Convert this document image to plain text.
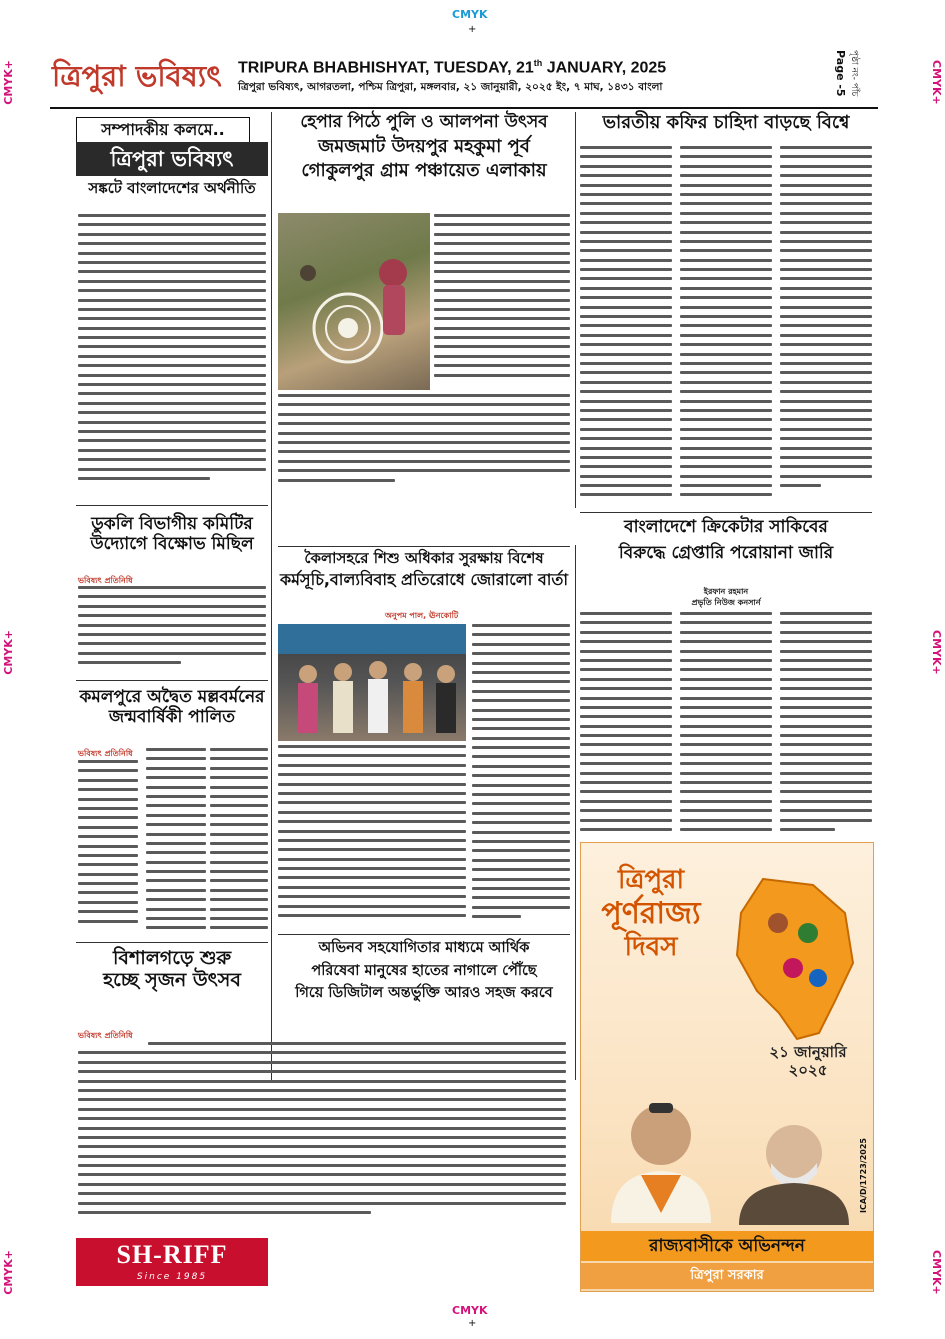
CMYK
+
CMYK
+
CMYK+
CMYK+
CMYK+
CMYK+
CMYK+
CMYK+
ত্রিপুরা ভবিষ্যৎ TRIPURA BHABHISHYAT, TUESDAY, 21th JANUARY, 2025
ত্রিপুরা ভবিষ্যৎ, আগরতলা, পশ্চিম ত্রিপুরা, মঙ্গলবার, ২১ জানুয়ারী, ২০২৫ ইং, ৭ মাঘ, ১৪৩১ বাংলা	Page -5 পৃষ্ঠা নং- পাঁচ
সম্পাদকীয় কলমে..
ত্রিপুরা ভবিষ্যৎ
সঙ্কটে বাংলাদেশের অর্থনীতি
ডুকলি বিভাগীয় কমিটির
উদ্যোগে বিক্ষোভ মিছিল
ভবিষ্যৎ প্রতিনিধি
কমলপুরে অদ্বৈত মল্লবর্মনের
জন্মবার্ষিকী পালিত
ভবিষ্যৎ প্রতিনিধি
বিশালগড়ে শুরু
হচ্ছে সৃজন উৎসব
ভবিষ্যৎ প্রতিনিধি
হেপার পিঠে পুলি ও আলপনা উৎসব
জমজমাট উদয়পুর মহকুমা পূর্ব
গোকুলপুর গ্রাম পঞ্চায়েত এলাকায়
কৈলাসহরে শিশু অধিকার সুরক্ষায় বিশেষ
কর্মসূচি,বাল্যবিবাহ প্রতিরোধে জোরালো বার্তা
অনুপম পাল, ঊনকোটি
অভিনব সহযোগিতার মাধ্যমে আর্থিক
পরিষেবা মানুষের হাতের নাগালে পৌঁছে
গিয়ে ডিজিটাল অন্তর্ভুক্তি আরও সহজ করবে
ভারতীয় কফির চাহিদা বাড়ছে বিশ্বে
বাংলাদেশে ক্রিকেটার সাকিবের
বিরুদ্ধে গ্রেপ্তারি পরোয়ানা জারি
ইরফান রহমান
প্রভৃতি নিউজ কনসার্ন
ত্রিপুরা
পূর্ণরাজ্য
দিবস
২১ জানুয়ারি
২০২৫
ICA/D/1723/2025
রাজ্যবাসীকে অভিনন্দন
ত্রিপুরা সরকার
SH-RIFF
Since 1985
